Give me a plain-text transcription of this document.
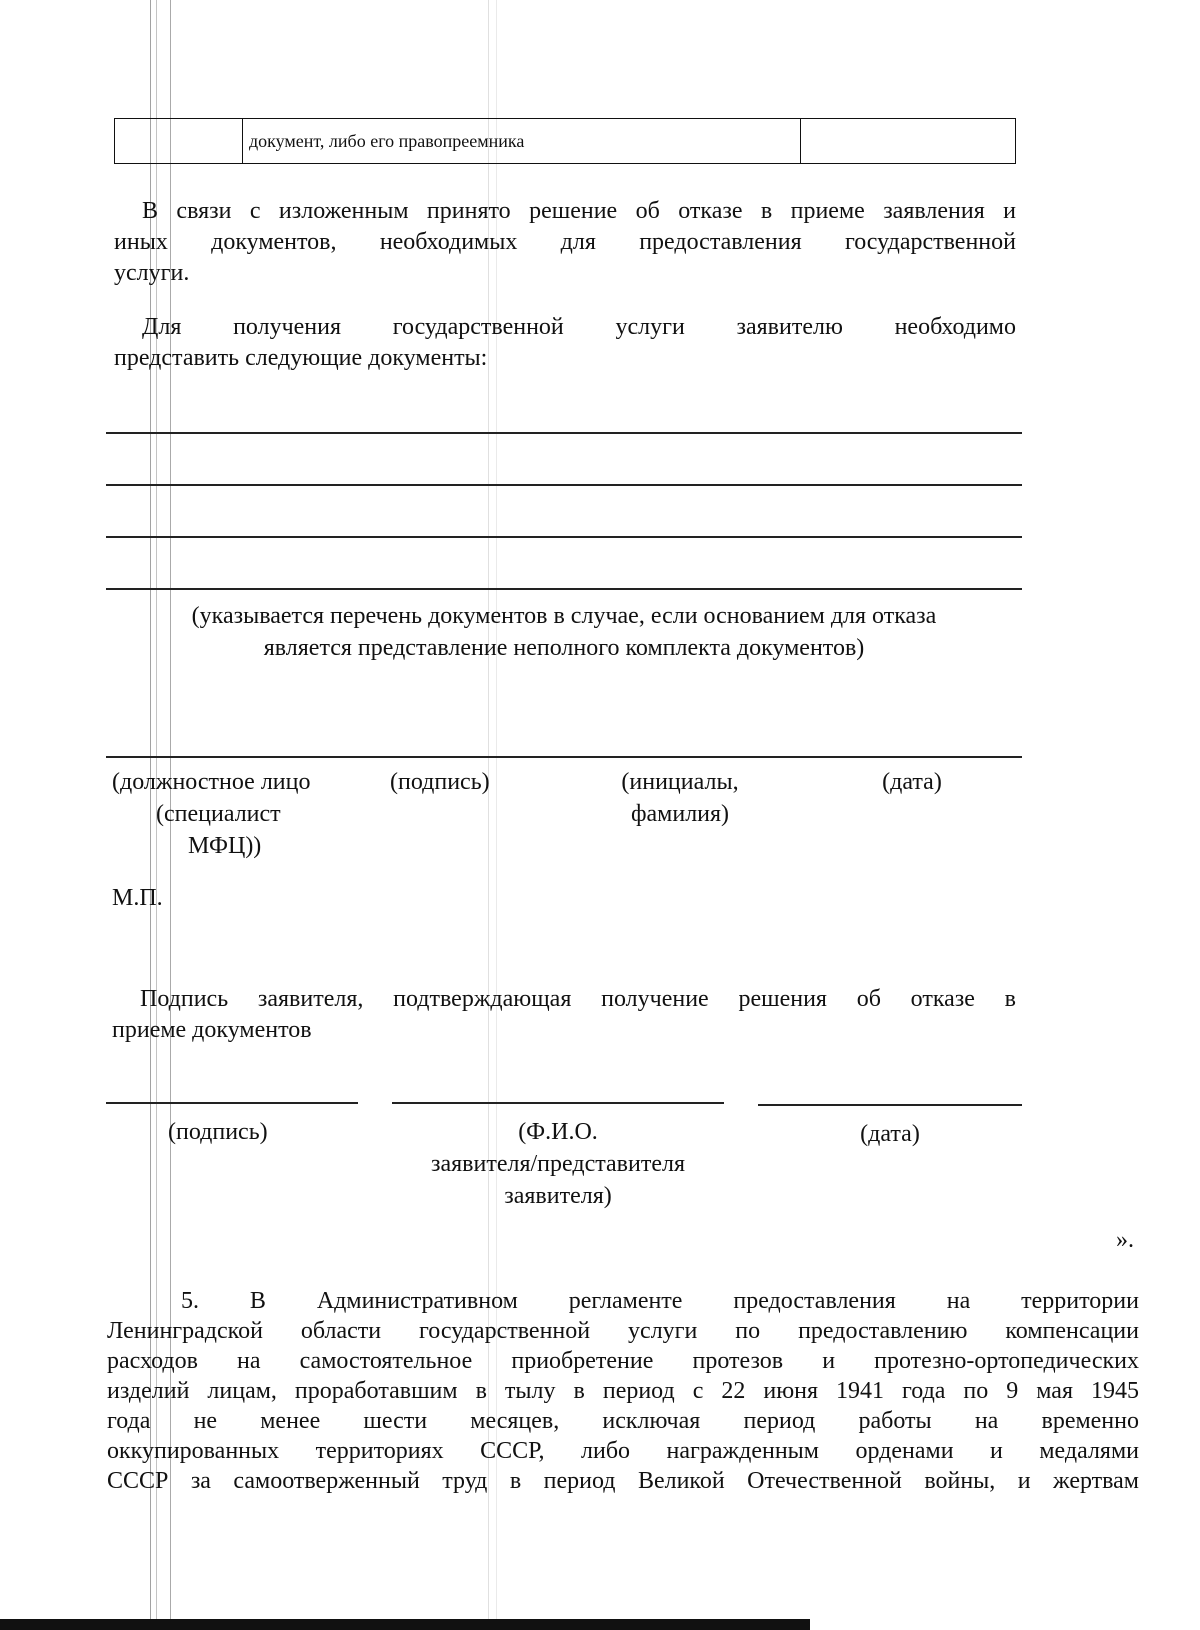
документ, либо его правопреемника
В связи с изложенным принято решение об отказе в приеме заявления и
иных документов, необходимых для предоставления государственной
услуги.
Для получения государственной услуги заявителю необходимо
представить следующие документы:
(указывается перечень документов в случае, если основанием для отказа
является представление неполного комплекта документов)
(должностное лицо
(специалист
МФЦ))
(подпись)	(инициалы,
фамилия)
(дата)
М.П.
Подпись заявителя, подтверждающая получение решения об отказе в
приеме документов
(подпись)	(Ф.И.О.
заявителя/представителя
заявителя)
(дата)
».
5. В Административном регламенте предоставления на территории
Ленинградской области государственной услуги по предоставлению компенсации
расходов на самостоятельное приобретение протезов и протезно-ортопедических
изделий лицам, проработавшим в тылу в период с 22 июня 1941 года по 9 мая 1945
года не менее шести месяцев, исключая период работы на временно
оккупированных территориях СССР, либо награжденным орденами и медалями
СССР за самоотверженный труд в период Великой Отечественной войны, и жертвам
